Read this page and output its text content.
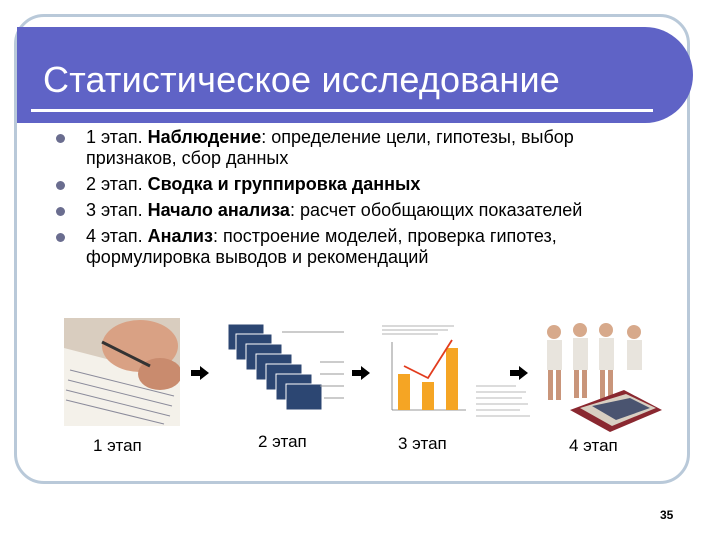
Статистическое исследование
1 этап. Наблюдение: определение цели, гипотезы, выбор признаков, сбор данных
2 этап. Сводка и группировка данных
3 этап. Начало анализа: расчет обобщающих показателей
4 этап. Анализ: построение моделей, проверка гипотез, формулировка выводов и рекомендаций
1 этап	2 этап	3 этап	4 этап
35
